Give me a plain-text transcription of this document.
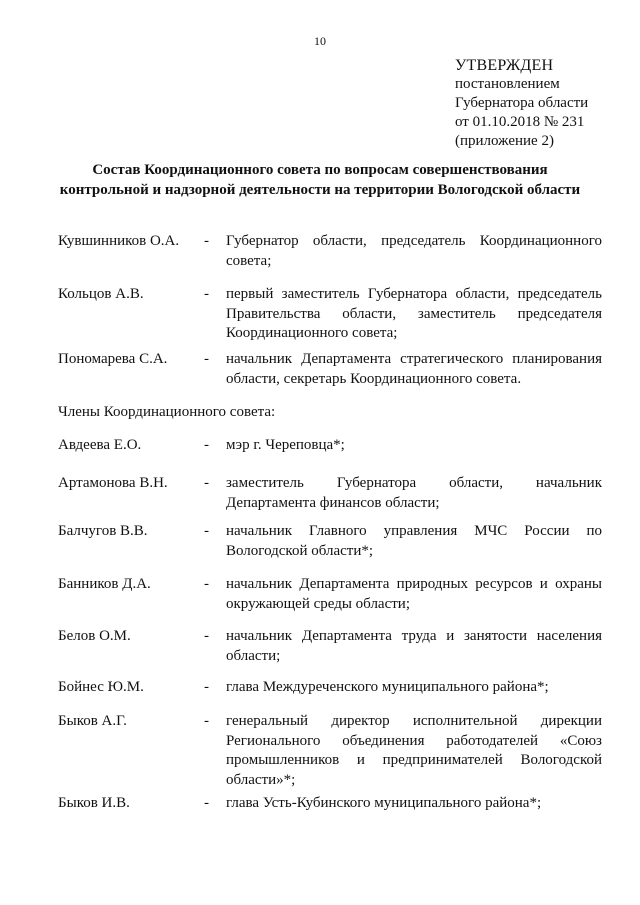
10
УТВЕРЖДЕН
постановлением
Губернатора области
от 01.10.2018 № 231
(приложение 2)
Состав Координационного совета по вопросам совершенствования
контрольной и надзорной деятельности на территории Вологодской области
Кувшинников О.А. - Губернатор области, председатель Координационного совета;
Кольцов А.В.	- первый заместитель Губернатора области, председатель Правительства области, заместитель председателя Координационного совета;
Пономарева С.А. - начальник Департамента стратегического планирования области, секретарь Координационного совета.
Члены Координационного совета:
Авдеева Е.О.	- мэр г. Череповца*;
Артамонова В.Н. - заместитель Губернатора области, начальник Департамента финансов области;
Балчугов В.В.	- начальник Главного управления МЧС России по Вологодской области*;
Банников Д.А.	- начальник Департамента природных ресурсов и охраны окружающей среды области;
Белов О.М.	- начальник Департамента труда и занятости населения области;
Бойнес Ю.М.	- глава Междуреченского муниципального района*;
Быков А.Г.	- генеральный директор исполнительной дирекции Регионального объединения работодателей «Союз промышленников и предпринимателей Вологодской области»*;
Быков И.В.	- глава Усть-Кубинского муниципального района*;
